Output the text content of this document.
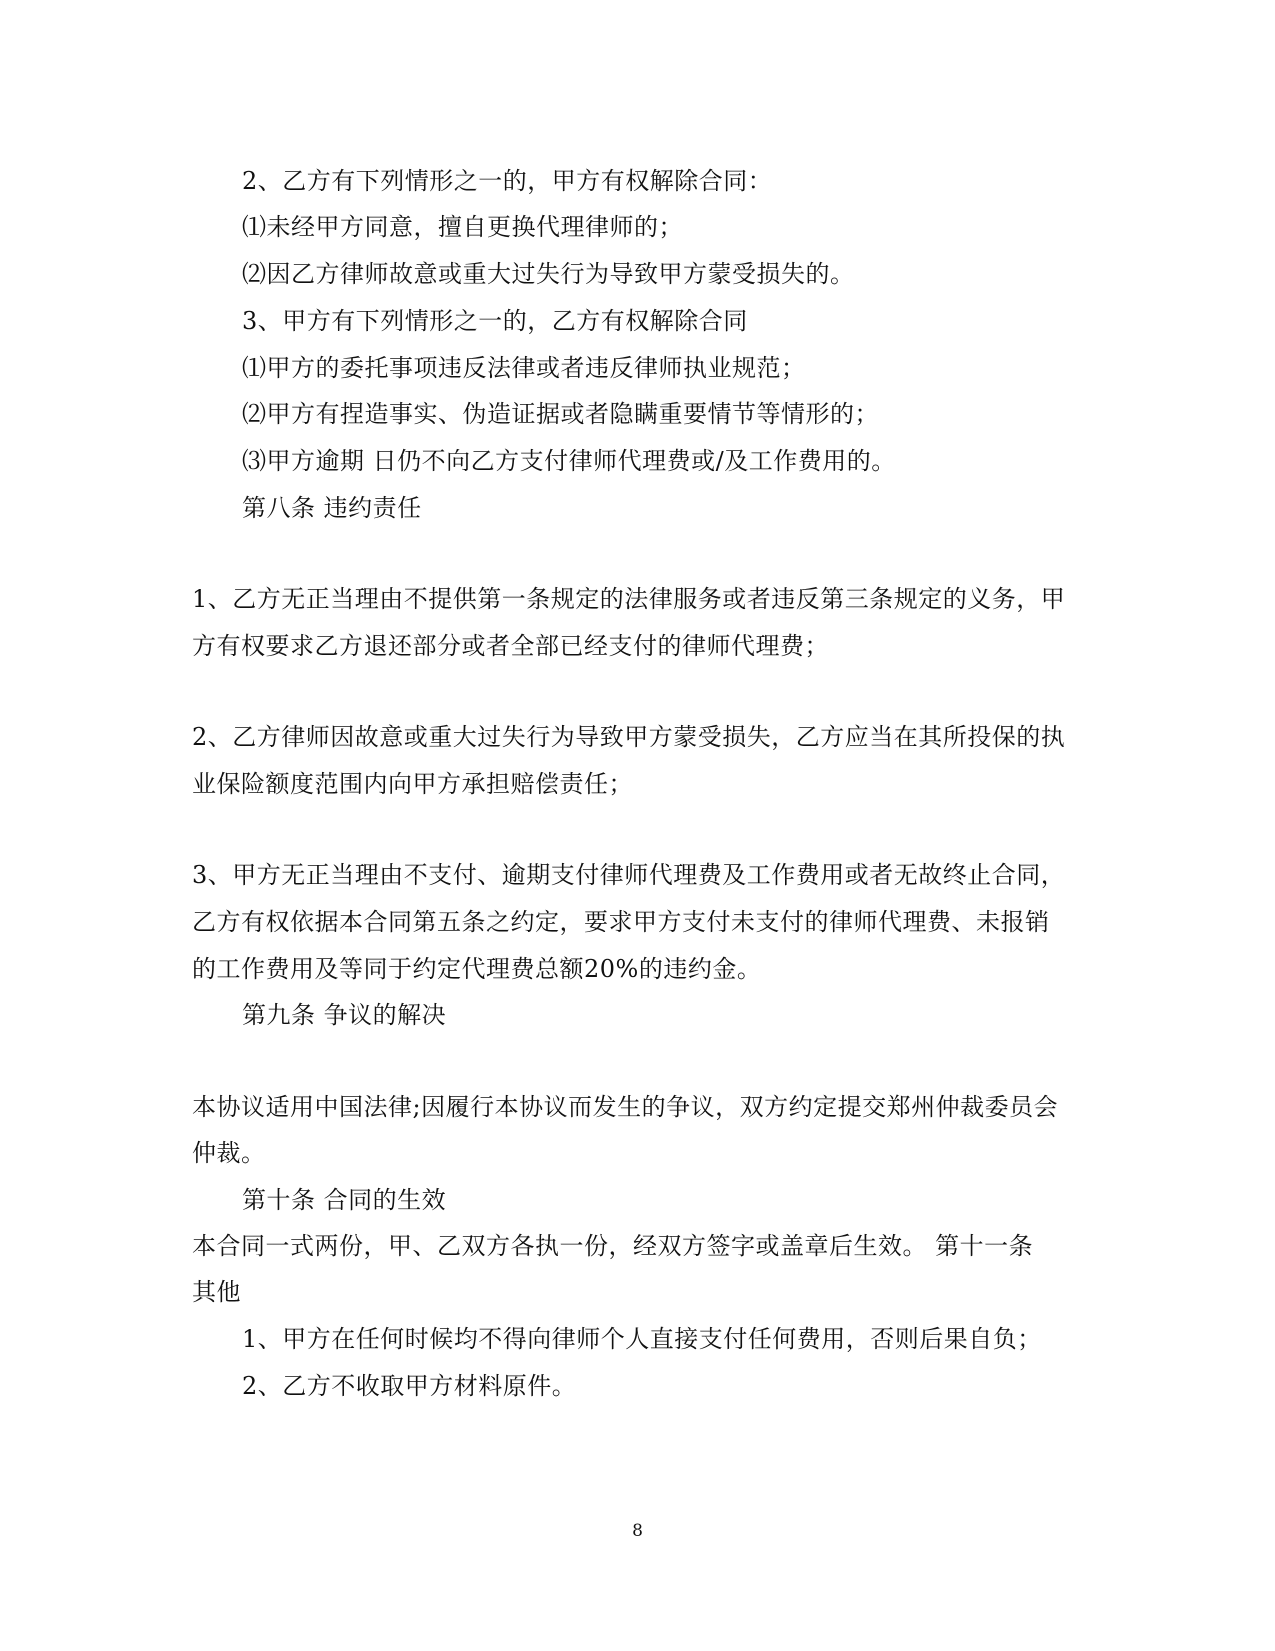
2、乙方有下列情形之一的，甲方有权解除合同：
⑴未经甲方同意，擅自更换代理律师的；
⑵因乙方律师故意或重大过失行为导致甲方蒙受损失的。
3、甲方有下列情形之一的，乙方有权解除合同
⑴甲方的委托事项违反法律或者违反律师执业规范；
⑵甲方有捏造事实、伪造证据或者隐瞒重要情节等情形的；
⑶甲方逾期 日仍不向乙方支付律师代理费或/及工作费用的。
第八条 违约责任
1、乙方无正当理由不提供第一条规定的法律服务或者违反第三条规定的义务，甲
方有权要求乙方退还部分或者全部已经支付的律师代理费；
2、乙方律师因故意或重大过失行为导致甲方蒙受损失，乙方应当在其所投保的执
业保险额度范围内向甲方承担赔偿责任；
3、甲方无正当理由不支付、逾期支付律师代理费及工作费用或者无故终止合同，
乙方有权依据本合同第五条之约定，要求甲方支付未支付的律师代理费、未报销
的工作费用及等同于约定代理费总额20%的违约金。
第九条 争议的解决
本协议适用中国法律;因履行本协议而发生的争议，双方约定提交郑州仲裁委员会
仲裁。
第十条 合同的生效
本合同一式两份，甲、乙双方各执一份，经双方签字或盖章后生效。 第十一条
其他
1、甲方在任何时候均不得向律师个人直接支付任何费用，否则后果自负；
2、乙方不收取甲方材料原件。
8
